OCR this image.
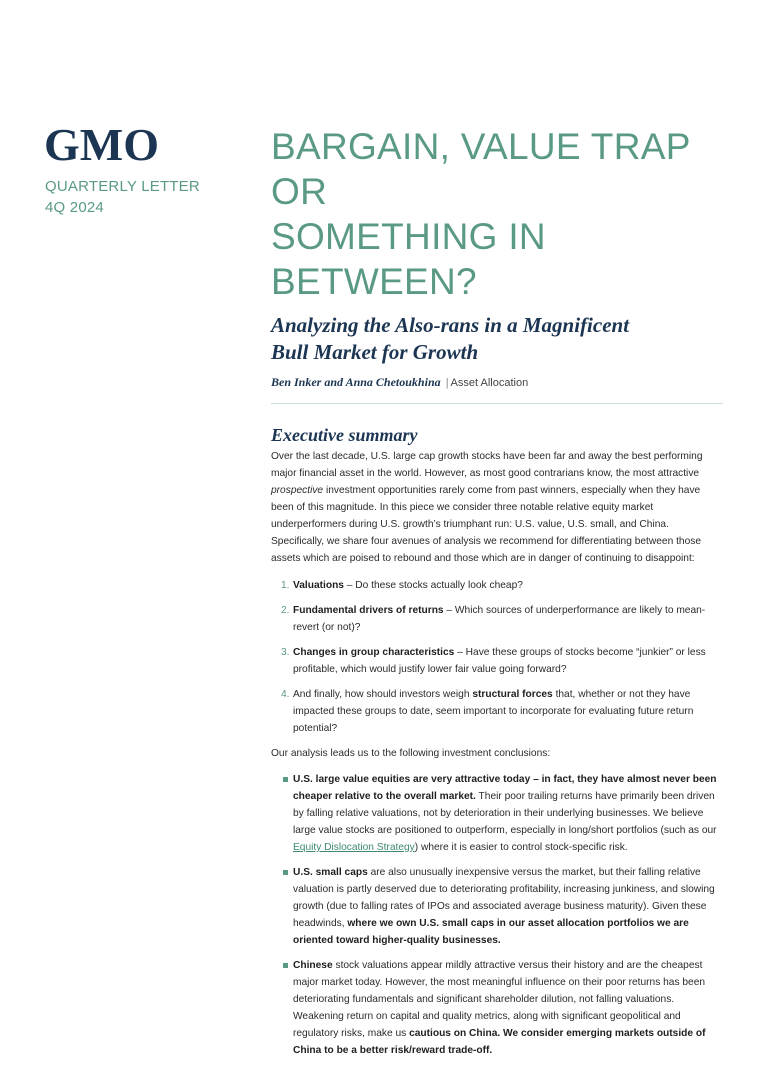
GMO
QUARTERLY LETTER
4Q 2024
BARGAIN, VALUE TRAP OR
SOMETHING IN BETWEEN?
Analyzing the Also-rans in a Magnificent
Bull Market for Growth
Ben Inker and Anna Chetoukhina | Asset Allocation
Executive summary

Over the last decade, U.S. large cap growth stocks have been far and away the best performing major financial asset in the world. However, as most good contrarians know, the most attractive prospective investment opportunities rarely come from past winners, especially when they have been of this magnitude. In this piece we consider three notable relative equity market underperformers during U.S. growth’s triumphant run: U.S. value, U.S. small, and China. Specifically, we share four avenues of analysis we recommend for differentiating between those assets which are poised to rebound and those which are in danger of continuing to disappoint:

1. Valuations – Do these stocks actually look cheap?
2. Fundamental drivers of returns – Which sources of underperformance are likely to mean-revert (or not)?
3. Changes in group characteristics – Have these groups of stocks become “junkier” or less profitable, which would justify lower fair value going forward?
4. And finally, how should investors weigh structural forces that, whether or not they have impacted these groups to date, seem important to incorporate for evaluating future return potential?

Our analysis leads us to the following investment conclusions:

U.S. large value equities are very attractive today – in fact, they have almost never been cheaper relative to the overall market. Their poor trailing returns have primarily been driven by falling relative valuations, not by deterioration in their underlying businesses. We believe large value stocks are positioned to outperform, especially in long/short portfolios (such as our Equity Dislocation Strategy) where it is easier to control stock-specific risk.
U.S. small caps are also unusually inexpensive versus the market, but their falling relative valuation is partly deserved due to deteriorating profitability, increasing junkiness, and slowing growth (due to falling rates of IPOs and associated average business maturity). Given these headwinds, where we own U.S. small caps in our asset allocation portfolios we are oriented toward higher-quality businesses.
Chinese stock valuations appear mildly attractive versus their history and are the cheapest major market today. However, the most meaningful influence on their poor returns has been deteriorating fundamentals and significant shareholder dilution, not falling valuations. Weakening return on capital and quality metrics, along with significant geopolitical and regulatory risks, make us cautious on China. We consider emerging markets outside of China to be a better risk/reward trade-off.
